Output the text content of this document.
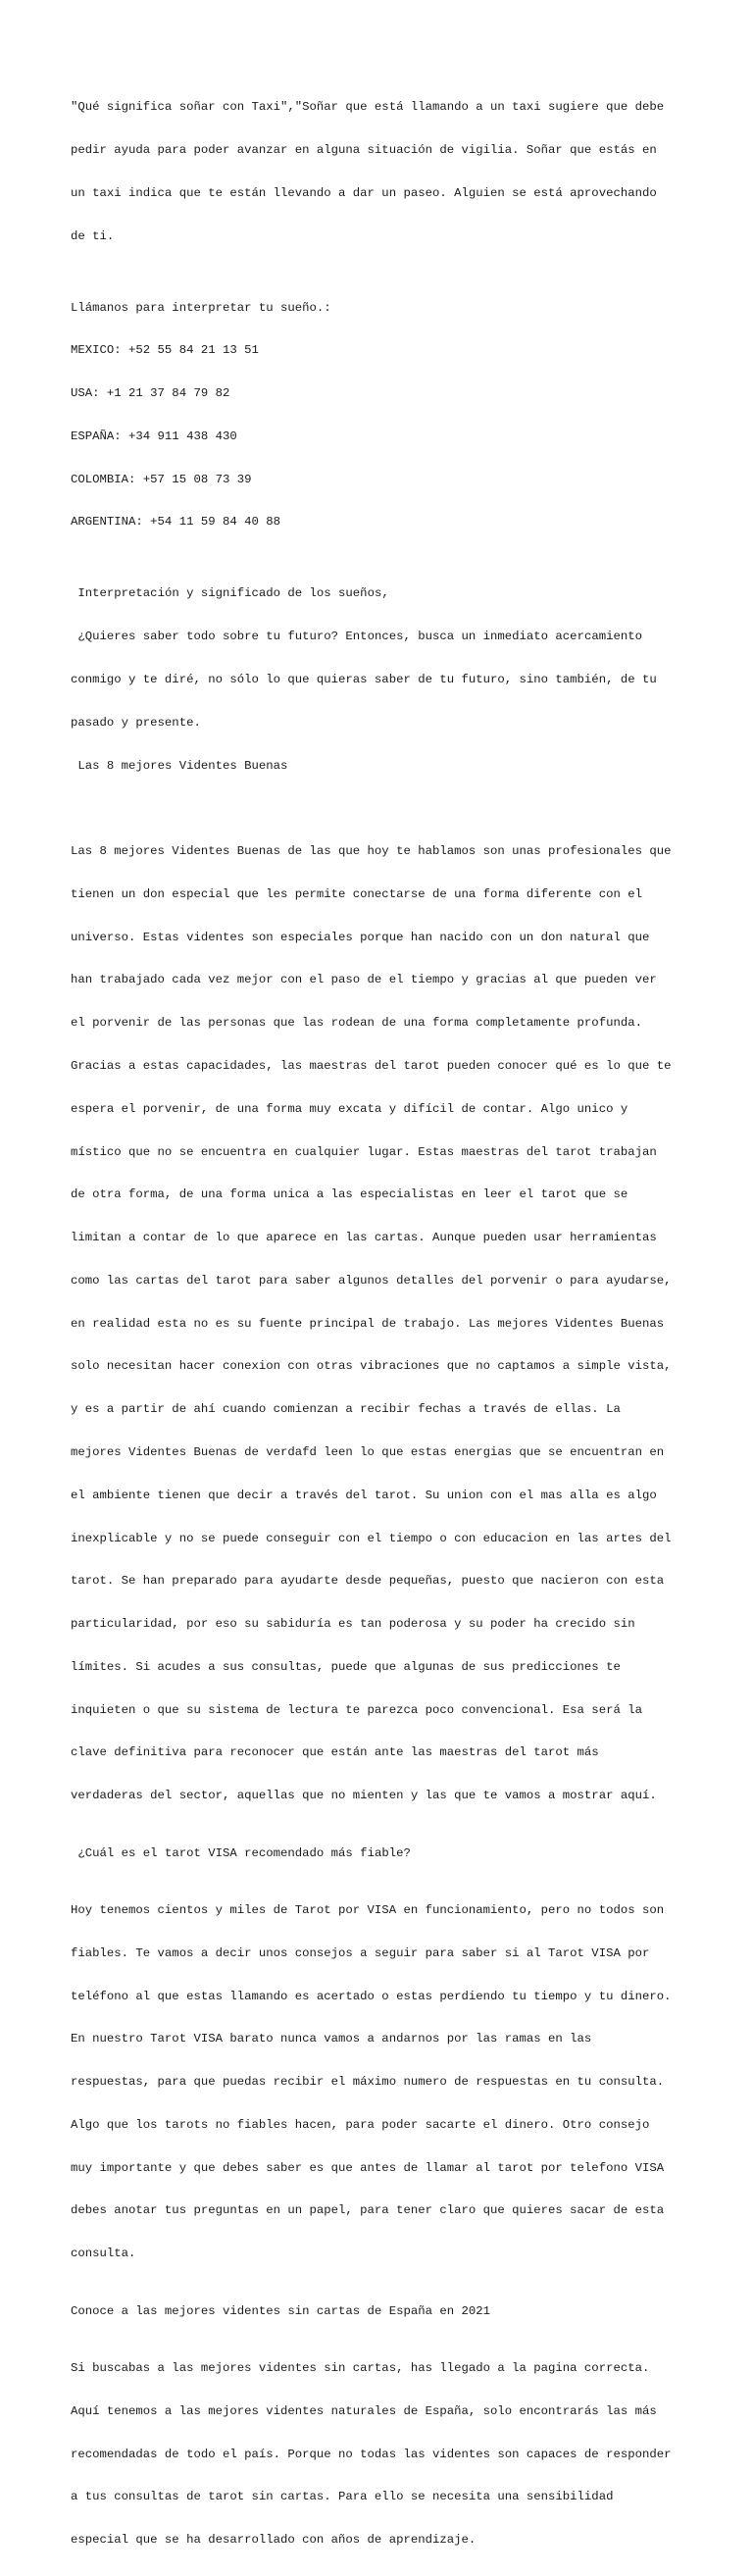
"Qué significa soñar con Taxi","Soñar que está llamando a un taxi sugiere que debe

pedir ayuda para poder avanzar en alguna situación de vigilia. Soñar que estás en

un taxi indica que te están llevando a dar un paseo. Alguien se está aprovechando

de ti.

Llámanos para interpretar tu sueño.:

MEXICO: +52 55 84 21 13 51

USA: +1 21 37 84 79 82

ESPAÑA: +34 911 438 430

COLOMBIA: +57 15 08 73 39

ARGENTINA: +54 11 59 84 40 88

Interpretación y significado de los sueños,

¿Quieres saber todo sobre tu futuro? Entonces, busca un inmediato acercamiento

conmigo y te diré, no sólo lo que quieras saber de tu futuro, sino también, de tu

pasado y presente.

Las 8 mejores Videntes Buenas

Las 8 mejores Videntes Buenas de las que hoy te hablamos son unas profesionales que

tienen un don especial que les permite conectarse de una forma diferente con el

universo. Estas videntes son especiales porque han nacido con un don natural que

han trabajado cada vez mejor con el paso de el tiempo y gracias al que pueden ver

el porvenir de las personas que las rodean de una forma completamente profunda.

Gracias a estas capacidades, las maestras del tarot pueden conocer qué es lo que te

espera el porvenir, de una forma muy excata y difícil de contar. Algo unico y

místico que no se encuentra en cualquier lugar. Estas maestras del tarot trabajan

de otra forma, de una forma unica a las especialistas en leer el tarot que se

limitan a contar de lo que aparece en las cartas. Aunque pueden usar herramientas

como las cartas del tarot para saber algunos detalles del porvenir o para ayudarse,

en realidad esta no es su fuente principal de trabajo. Las mejores Videntes Buenas

solo necesitan hacer conexion con otras vibraciones que no captamos a simple vista,

y es a partir de ahí cuando comienzan a recibir fechas a través de ellas. La

mejores Videntes Buenas de verdafd leen lo que estas energias que se encuentran en

el ambiente tienen que decir a través del tarot. Su union con el mas alla es algo

inexplicable y no se puede conseguir con el tiempo o con educacion en las artes del

tarot. Se han preparado para ayudarte desde pequeñas, puesto que nacieron con esta

particularidad, por eso su sabiduría es tan poderosa y su poder ha crecido sin

límites. Si acudes a sus consultas, puede que algunas de sus predicciones te

inquieten o que su sistema de lectura te parezca poco convencional. Esa será la

clave definitiva para reconocer que están ante las maestras del tarot más

verdaderas del sector, aquellas que no mienten y las que te vamos a mostrar aquí.

¿Cuál es el tarot VISA recomendado más fiable?

Hoy tenemos cientos y miles de Tarot por VISA en funcionamiento, pero no todos son

fiables. Te vamos a decir unos consejos a seguir para saber si al Tarot VISA por

teléfono al que estas llamando es acertado o estas perdiendo tu tiempo y tu dinero.

En nuestro Tarot VISA barato nunca vamos a andarnos por las ramas en las

respuestas, para que puedas recibir el máximo numero de respuestas en tu consulta.

Algo que los tarots no fiables hacen, para poder sacarte el dinero. Otro consejo

muy importante y que debes saber es que antes de llamar al tarot por telefono VISA

debes anotar tus preguntas en un papel, para tener claro que quieres sacar de esta

consulta.

Conoce a las mejores videntes sin cartas de España en 2021

Si buscabas a las mejores videntes sin cartas, has llegado a la pagina correcta.

Aquí tenemos a las mejores videntes naturales de España, solo encontrarás las más

recomendadas de todo el país. Porque no todas las videntes son capaces de responder

a tus consultas de tarot sin cartas. Para ello se necesita una sensibilidad

especial que se ha desarrollado con años de aprendizaje.
